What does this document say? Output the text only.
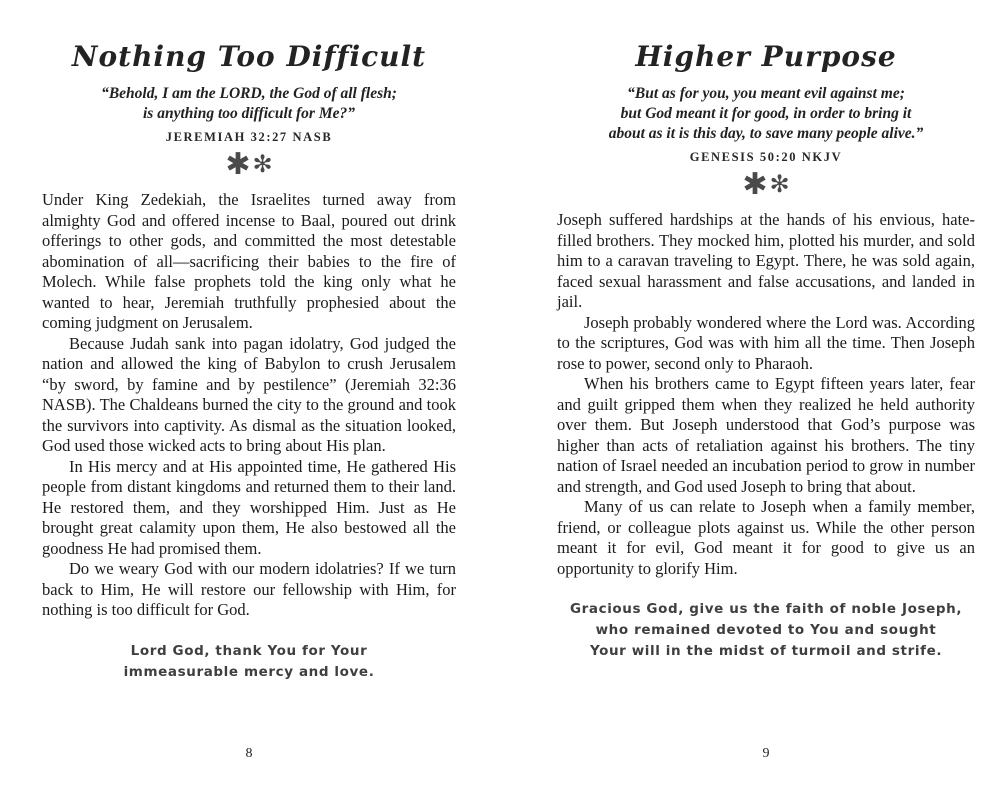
Nothing Too Difficult
“Behold, I am the LORD, the God of all flesh;
is anything too difficult for Me?”
JEREMIAH 32:27 NASB
✱✻

Under King Zedekiah, the Israelites turned away from almighty God and offered incense to Baal, poured out drink offerings to other gods, and committed the most detestable abomination of all—sacrificing their babies to the fire of Molech. While false prophets told the king only what he wanted to hear, Jeremiah truthfully prophesied about the coming judgment on Jerusalem.

Because Judah sank into pagan idolatry, God judged the nation and allowed the king of Babylon to crush Jerusalem “by sword, by famine and by pestilence” (Jeremiah 32:36 NASB). The Chaldeans burned the city to the ground and took the survivors into captivity. As dismal as the situation looked, God used those wicked acts to bring about His plan.

In His mercy and at His appointed time, He gathered His people from distant kingdoms and returned them to their land. He restored them, and they worshipped Him. Just as He brought great calamity upon them, He also bestowed all the goodness He had promised them.

Do we weary God with our modern idolatries? If we turn back to Him, He will restore our fellowship with Him, for nothing is too difficult for God.

Lord God, thank You for Your
immeasurable mercy and love.
8
Higher Purpose
“But as for you, you meant evil against me;
but God meant it for good, in order to bring it
about as it is this day, to save many people alive.”
GENESIS 50:20 NKJV
✱✻

Joseph suffered hardships at the hands of his envious, hate-filled brothers. They mocked him, plotted his murder, and sold him to a caravan traveling to Egypt. There, he was sold again, faced sexual harassment and false accusations, and landed in jail.

Joseph probably wondered where the Lord was. According to the scriptures, God was with him all the time. Then Joseph rose to power, second only to Pharaoh.

When his brothers came to Egypt fifteen years later, fear and guilt gripped them when they realized he held authority over them. But Joseph understood that God’s purpose was higher than acts of retaliation against his brothers. The tiny nation of Israel needed an incubation period to grow in number and strength, and God used Joseph to bring that about.

Many of us can relate to Joseph when a family member, friend, or colleague plots against us. While the other person meant it for evil, God meant it for good to give us an opportunity to glorify Him.

Gracious God, give us the faith of noble Joseph,
who remained devoted to You and sought
Your will in the midst of turmoil and strife.
9
